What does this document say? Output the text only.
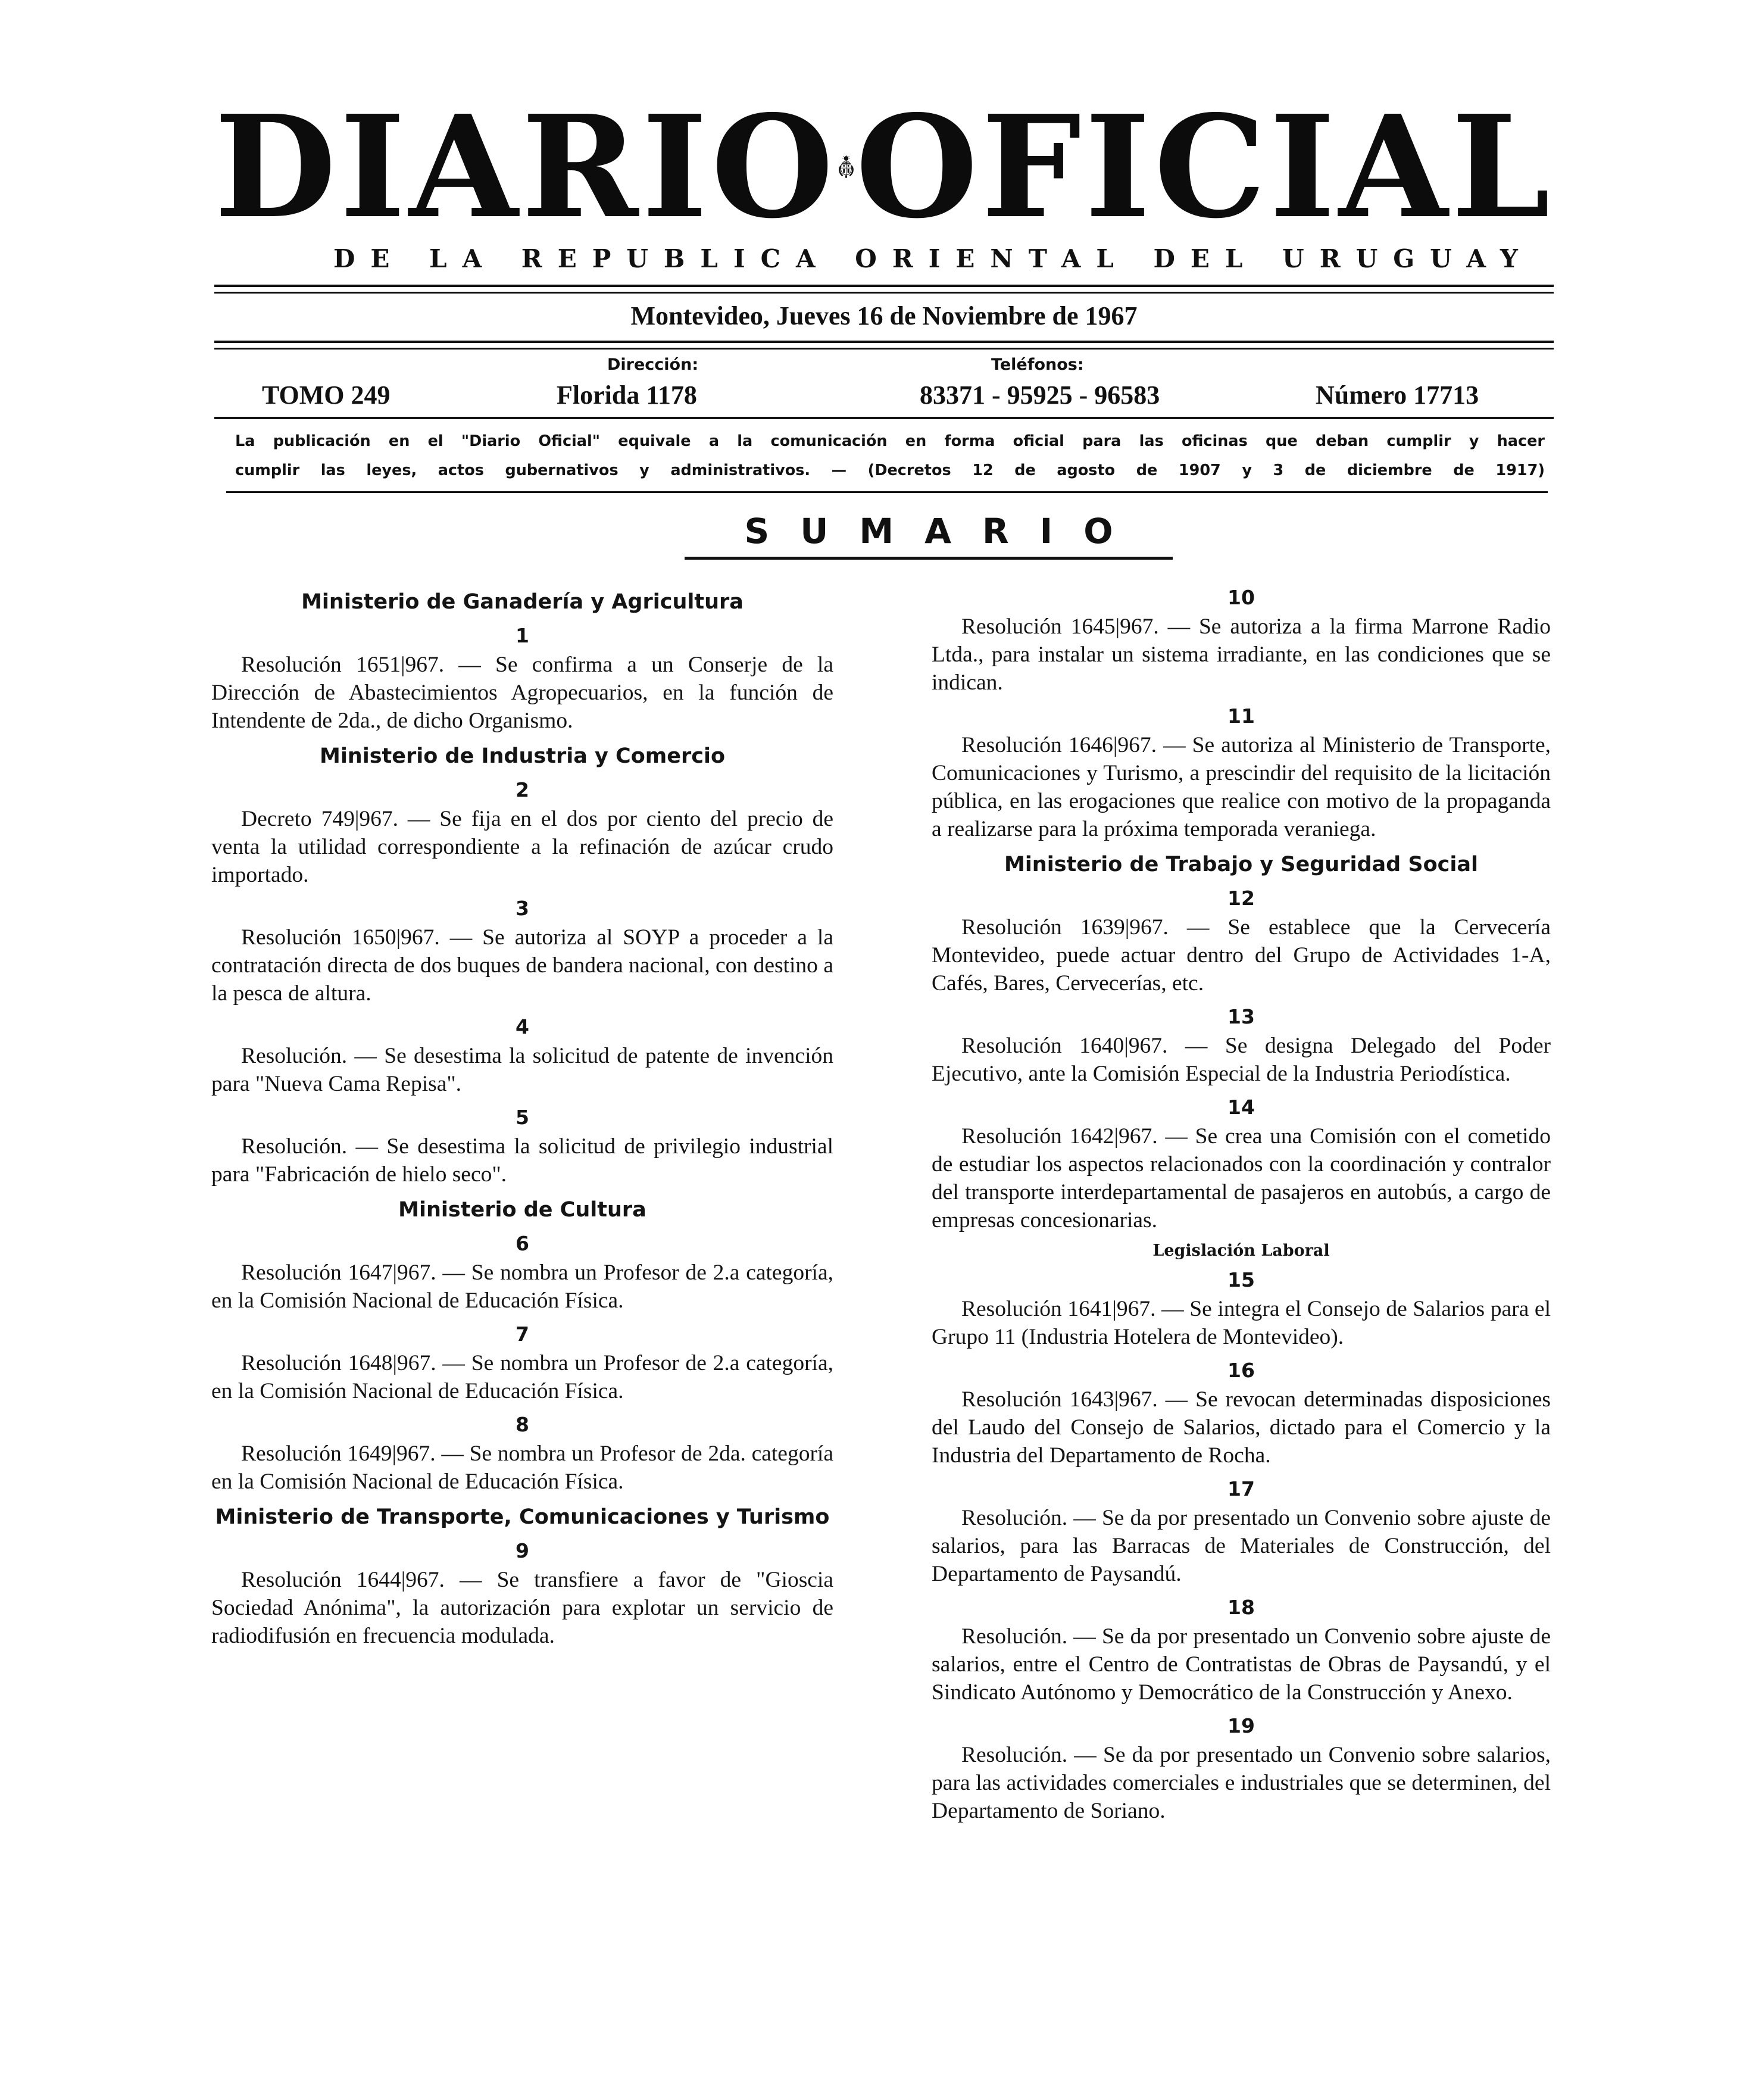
DIARIO OFICIAL
DE LA REPUBLICA ORIENTAL DEL URUGUAY
Montevideo, Jueves 16 de Noviembre de 1967
Dirección:	Teléfonos:
TOMO 249	Florida 1178	83371 - 95925 - 96583	Número 17713
La publicación en el "Diario Oficial" equivale a la comunicación en forma oficial para las oficinas que deban cumplir y hacer
cumplir las leyes, actos gubernativos y administrativos. — (Decretos 12 de agosto de 1907 y 3 de diciembre de 1917)
SUMARIO
Ministerio de Ganadería y Agricultura
1
Resolución 1651|967. — Se confirma a un Conserje de la Dirección de Abastecimientos Agropecuarios, en la función de Intendente de 2da., de dicho Organismo.
Ministerio de Industria y Comercio
2
Decreto 749|967. — Se fija en el dos por ciento del precio de venta la utilidad correspondiente a la refinación de azúcar crudo importado.
3
Resolución 1650|967. — Se autoriza al SOYP a proceder a la contratación directa de dos buques de bandera nacional, con destino a la pesca de altura.
4
Resolución. — Se desestima la solicitud de patente de invención para "Nueva Cama Repisa".
5
Resolución. — Se desestima la solicitud de privilegio industrial para "Fabricación de hielo seco".
Ministerio de Cultura
6
Resolución 1647|967. — Se nombra un Profesor de 2.a categoría, en la Comisión Nacional de Educación Física.
7
Resolución 1648|967. — Se nombra un Profesor de 2.a categoría, en la Comisión Nacional de Educación Física.
8
Resolución 1649|967. — Se nombra un Profesor de 2da. categoría en la Comisión Nacional de Educación Física.
Ministerio de Transporte, Comunicaciones y Turismo
9
Resolución 1644|967. — Se transfiere a favor de "Gioscia Sociedad Anónima", la autorización para explotar un servicio de radiodifusión en frecuencia modulada.
10
Resolución 1645|967. — Se autoriza a la firma Marrone Radio Ltda., para instalar un sistema irradiante, en las condiciones que se indican.
11
Resolución 1646|967. — Se autoriza al Ministerio de Transporte, Comunicaciones y Turismo, a prescindir del requisito de la licitación pública, en las erogaciones que realice con motivo de la propaganda a realizarse para la próxima temporada veraniega.
Ministerio de Trabajo y Seguridad Social
12
Resolución 1639|967. — Se establece que la Cervecería Montevideo, puede actuar dentro del Grupo de Actividades 1-A, Cafés, Bares, Cervecerías, etc.
13
Resolución 1640|967. — Se designa Delegado del Poder Ejecutivo, ante la Comisión Especial de la Industria Periodística.
14
Resolución 1642|967. — Se crea una Comisión con el cometido de estudiar los aspectos relacionados con la coordinación y contralor del transporte interdepartamental de pasajeros en autobús, a cargo de empresas concesionarias.
Legislación Laboral
15
Resolución 1641|967. — Se integra el Consejo de Salarios para el Grupo 11 (Industria Hotelera de Montevideo).
16
Resolución 1643|967. — Se revocan determinadas disposiciones del Laudo del Consejo de Salarios, dictado para el Comercio y la Industria del Departamento de Rocha.
17
Resolución. — Se da por presentado un Convenio sobre ajuste de salarios, para las Barracas de Materiales de Construcción, del Departamento de Paysandú.
18
Resolución. — Se da por presentado un Convenio sobre ajuste de salarios, entre el Centro de Contratistas de Obras de Paysandú, y el Sindicato Autónomo y Democrático de la Construcción y Anexo.
19
Resolución. — Se da por presentado un Convenio sobre salarios, para las actividades comerciales e industriales que se determinen, del Departamento de Soriano.
